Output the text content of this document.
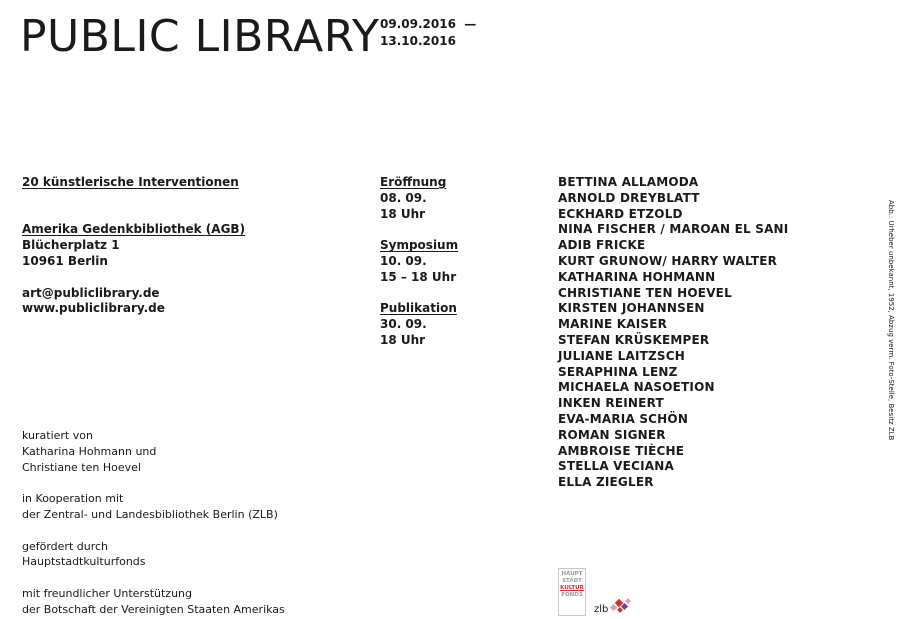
PUBLIC LIBRARY 09.09.2016  —
13.10.2016
20 künstlerische Interventionen
Amerika Gedenkbibliothek (AGB)
Blücherplatz 1
10961 Berlin
art@publiclibrary.de
www.publiclibrary.de
kuratiert von
Katharina Hohmann und
Christiane ten Hoevel
in Kooperation mit
der Zentral- und Landesbibliothek Berlin (ZLB)
gefördert durch
Hauptstadtkulturfonds
mit freundlicher Unterstützung
der Botschaft der Vereinigten Staaten Amerikas
Eröffnung
08. 09.
18 Uhr
Symposium
10. 09.
15 – 18 Uhr
Publikation
30. 09.
18 Uhr
BETTINA ALLAMODA
ARNOLD DREYBLATT
ECKHARD ETZOLD
NINA FISCHER / MAROAN EL SANI
ADIB FRICKE
KURT GRUNOW/ HARRY WALTER
KATHARINA HOHMANN
CHRISTIANE TEN HOEVEL
KIRSTEN JOHANNSEN
MARINE KAISER
STEFAN KRÜSKEMPER
JULIANE LAITZSCH
SERAPHINA LENZ
MICHAELA NASOETION
INKEN REINERT
EVA-MARIA SCHÖN
ROMAN SIGNER
AMBROISE TIÈCHE
STELLA VECIANA
ELLA ZIEGLER
Abb.: Urheber unbekannt, 1952, Abzug verm. Foto-Stelle, Besitz ZLB
HAUPT
STADT
KULTUR
FONDS
zlb
